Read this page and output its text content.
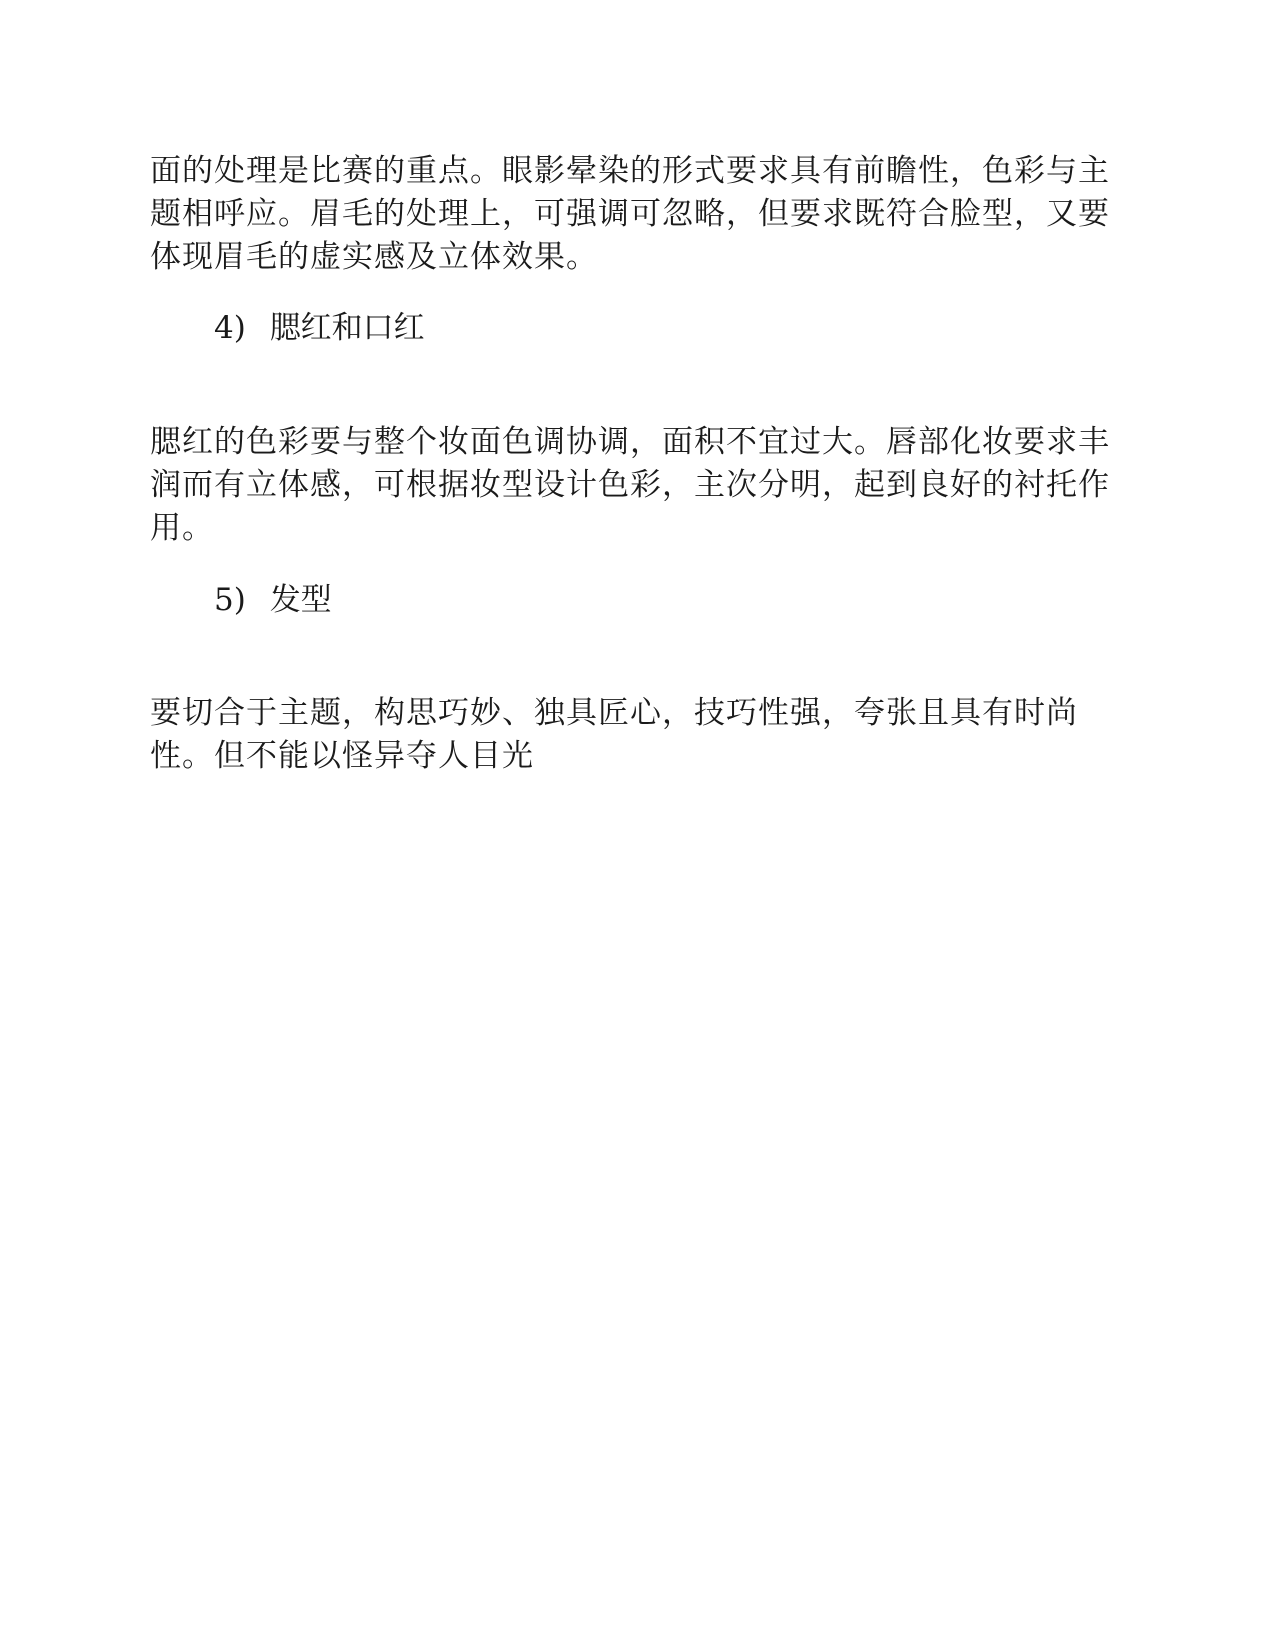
面的处理是比赛的重点。眼影晕染的形式要求具有前瞻性，色彩与主题相呼应。眉毛的处理上，可强调可忽略，但要求既符合脸型，又要体现眉毛的虚实感及立体效果。

4) 腮红和口红

腮红的色彩要与整个妆面色调协调，面积不宜过大。唇部化妆要求丰润而有立体感，可根据妆型设计色彩，主次分明，起到良好的衬托作用。

5) 发型

要切合于主题，构思巧妙、独具匠心，技巧性强，夸张且具有时尚性。但不能以怪异夺人目光
